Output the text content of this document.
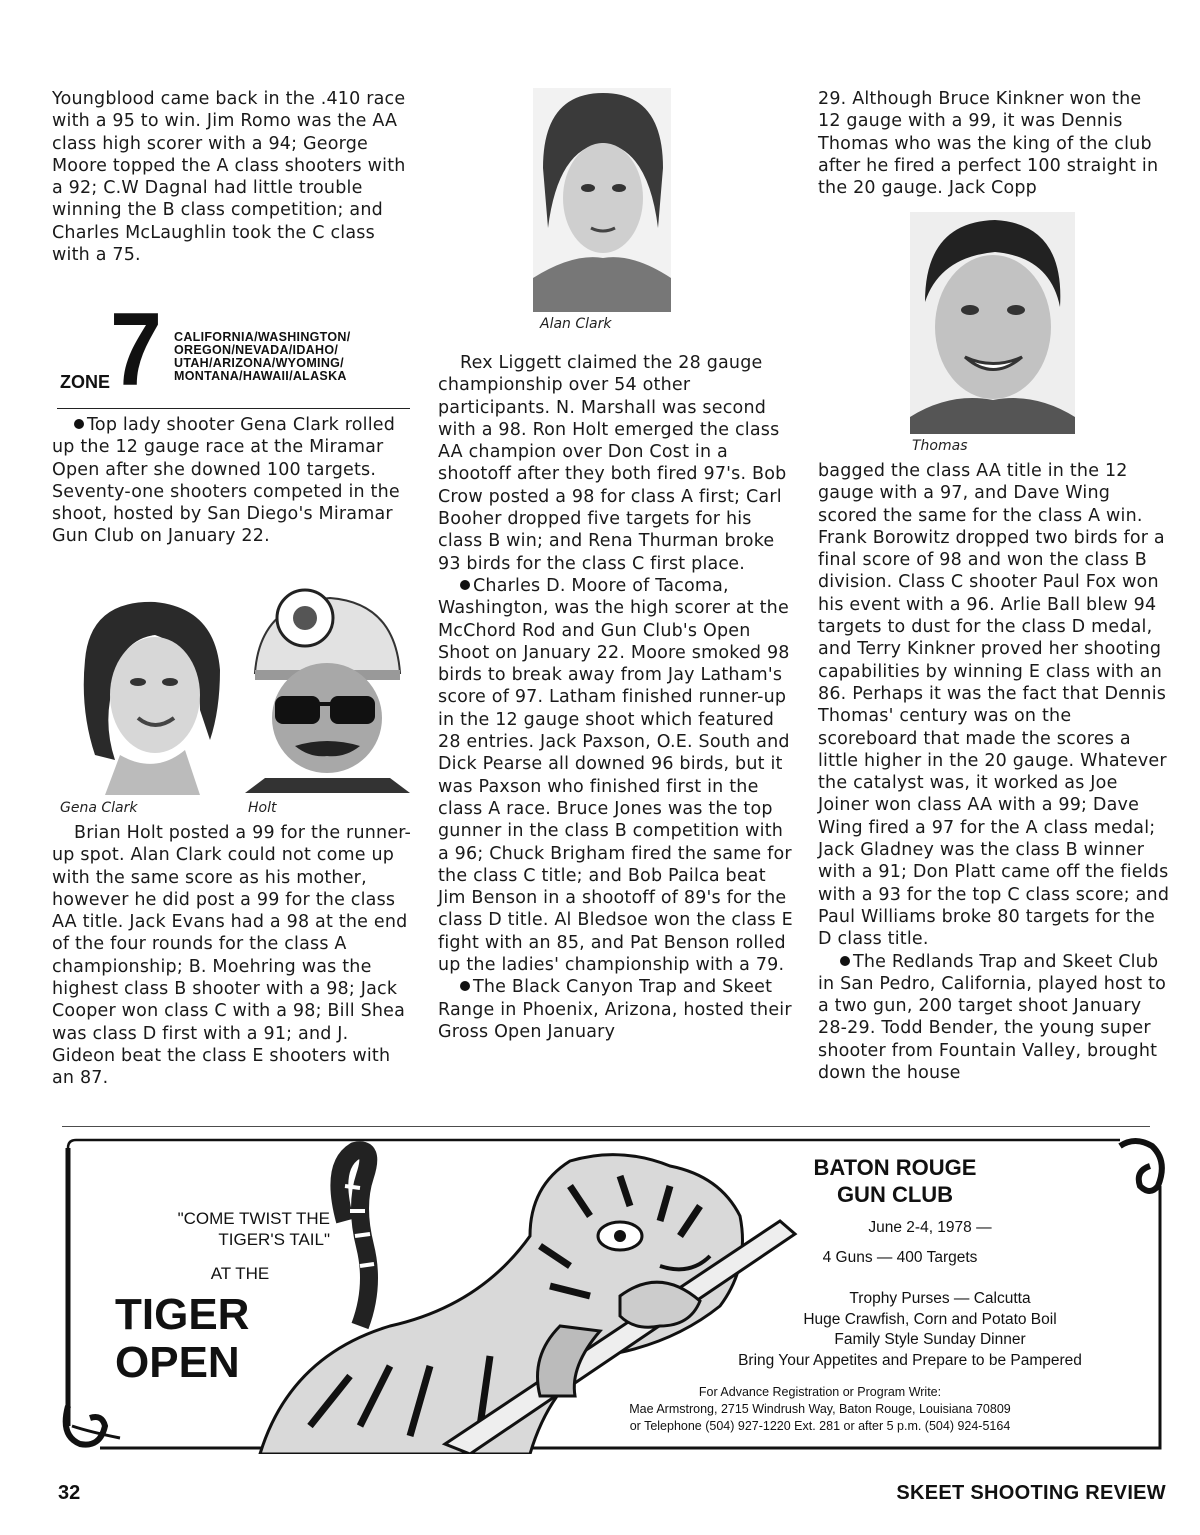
Youngblood came back in the .410 race with a 95 to win. Jim Romo was the AA class high scorer with a 94; George Moore topped the A class shooters with a 92; C.W Dagnal had little trouble winning the B class competition; and Charles McLaughlin took the C class with a 75.

ZONE 7 CALIFORNIA/WASHINGTON/
OREGON/NEVADA/IDAHO/
UTAH/ARIZONA/WYOMING/
MONTANA/HAWAII/ALASKA

Top lady shooter Gena Clark rolled up the 12 gauge race at the Miramar Open after she downed 100 targets. Seventy-one shooters competed in the shoot, hosted by San Diego's Miramar Gun Club on January 22.

Gena Clark	Holt

Brian Holt posted a 99 for the runner-up spot. Alan Clark could not come up with the same score as his mother, however he did post a 99 for the class AA title. Jack Evans had a 98 at the end of the four rounds for the class A championship; B. Moehring was the highest class B shooter with a 98; Jack Cooper won class C with a 98; Bill Shea was class D first with a 91; and J. Gideon beat the class E shooters with an 87.

Alan Clark

Rex Liggett claimed the 28 gauge championship over 54 other participants. N. Marshall was second with a 98. Ron Holt emerged the class AA champion over Don Cost in a shootoff after they both fired 97's. Bob Crow posted a 98 for class A first; Carl Booher dropped five targets for his class B win; and Rena Thurman broke 93 birds for the class C first place.

Charles D. Moore of Tacoma, Washington, was the high scorer at the McChord Rod and Gun Club's Open Shoot on January 22. Moore smoked 98 birds to break away from Jay Latham's score of 97. Latham finished runner-up in the 12 gauge shoot which featured 28 entries. Jack Paxson, O.E. South and Dick Pearse all downed 96 birds, but it was Paxson who finished first in the class A race. Bruce Jones was the top gunner in the class B competition with a 96; Chuck Brigham fired the same for the class C title; and Bob Pailca beat Jim Benson in a shootoff of 89's for the class D title. Al Bledsoe won the class E fight with an 85, and Pat Benson rolled up the ladies' championship with a 79.

The Black Canyon Trap and Skeet Range in Phoenix, Arizona, hosted their Gross Open January

29. Although Bruce Kinkner won the 12 gauge with a 99, it was Dennis Thomas who was the king of the club after he fired a perfect 100 straight in the 20 gauge. Jack Copp

Thomas

bagged the class AA title in the 12 gauge with a 97, and Dave Wing scored the same for the class A win. Frank Borowitz dropped two birds for a final score of 98 and won the class B division. Class C shooter Paul Fox won his event with a 96. Arlie Ball blew 94 targets to dust for the class D medal, and Terry Kinkner proved her shooting capabilities by winning E class with an 86. Perhaps it was the fact that Dennis Thomas' century was on the scoreboard that made the scores a little higher in the 20 gauge. Whatever the catalyst was, it worked as Joe Joiner won class AA with a 99; Dave Wing fired a 97 for the A class medal; Jack Gladney was the class B winner with a 91; Don Platt came off the fields with a 93 for the top C class score; and Paul Williams broke 80 targets for the D class title.

The Redlands Trap and Skeet Club in San Pedro, California, played host to a two gun, 200 target shoot January 28-29. Todd Bender, the young super shooter from Fountain Valley, brought down the house

"COME TWIST THE
TIGER'S TAIL"
AT THE
TIGER
OPEN
BATON ROUGE
GUN CLUB
June 2-4, 1978 —
4 Guns — 400 Targets
Trophy Purses — Calcutta
Huge Crawfish, Corn and Potato Boil
Family Style Sunday Dinner
Bring Your Appetites and Prepare to be Pampered
For Advance Registration or Program Write:
Mae Armstrong, 2715 Windrush Way, Baton Rouge, Louisiana 70809
or Telephone (504) 927-1220 Ext. 281 or after 5 p.m. (504) 924-5164
32	SKEET SHOOTING REVIEW
